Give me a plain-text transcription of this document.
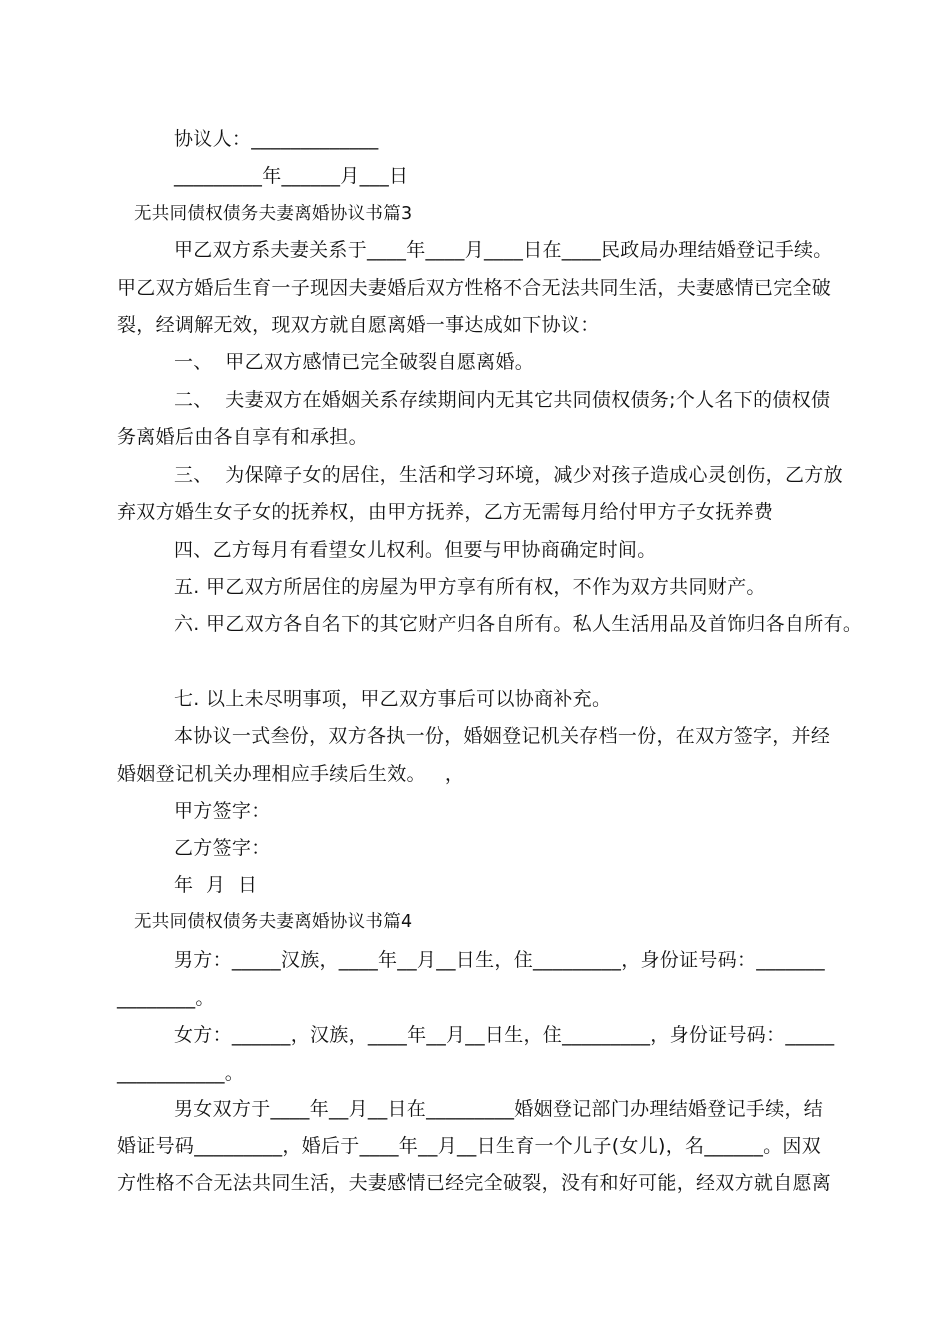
协议人：_____________
_________年______月___日
无共同债权债务夫妻离婚协议书篇3
甲乙双方系夫妻关系于____年____月____日在____民政局办理结婚登记手续。
甲乙双方婚后生育一子现因夫妻婚后双方性格不合无法共同生活，夫妻感情已完全破
裂，经调解无效，现双方就自愿离婚一事达成如下协议：
一、  甲乙双方感情已完全破裂自愿离婚。
二、  夫妻双方在婚姻关系存续期间内无其它共同债权债务;个人名下的债权债
务离婚后由各自享有和承担。
三、  为保障子女的居住，生活和学习环境，减少对孩子造成心灵创伤，乙方放
弃双方婚生女子女的抚养权，由甲方抚养，乙方无需每月给付甲方子女抚养费
四、乙方每月有看望女儿权利。但要与甲协商确定时间。
五. 甲乙双方所居住的房屋为甲方享有所有权，不作为双方共同财产。
六. 甲乙双方各自名下的其它财产归各自所有。私人生活用品及首饰归各自所有。
七. 以上未尽明事项，甲乙双方事后可以协商补充。
本协议一式叁份，双方各执一份，婚姻登记机关存档一份，在双方签字，并经
婚姻登记机关办理相应手续后生效。   ，
甲方签字：
乙方签字：
年  月  日
无共同债权债务夫妻离婚协议书篇4
男方：_____汉族，____年__月__日生，住_________，身份证号码：_______
________。
女方：______，汉族，____年__月__日生，住_________，身份证号码：_____
___________。
男女双方于____年__月__日在_________婚姻登记部门办理结婚登记手续，结
婚证号码_________，婚后于____年__月__日生育一个儿子(女儿)，名______。因双
方性格不合无法共同生活，夫妻感情已经完全破裂，没有和好可能，经双方就自愿离
